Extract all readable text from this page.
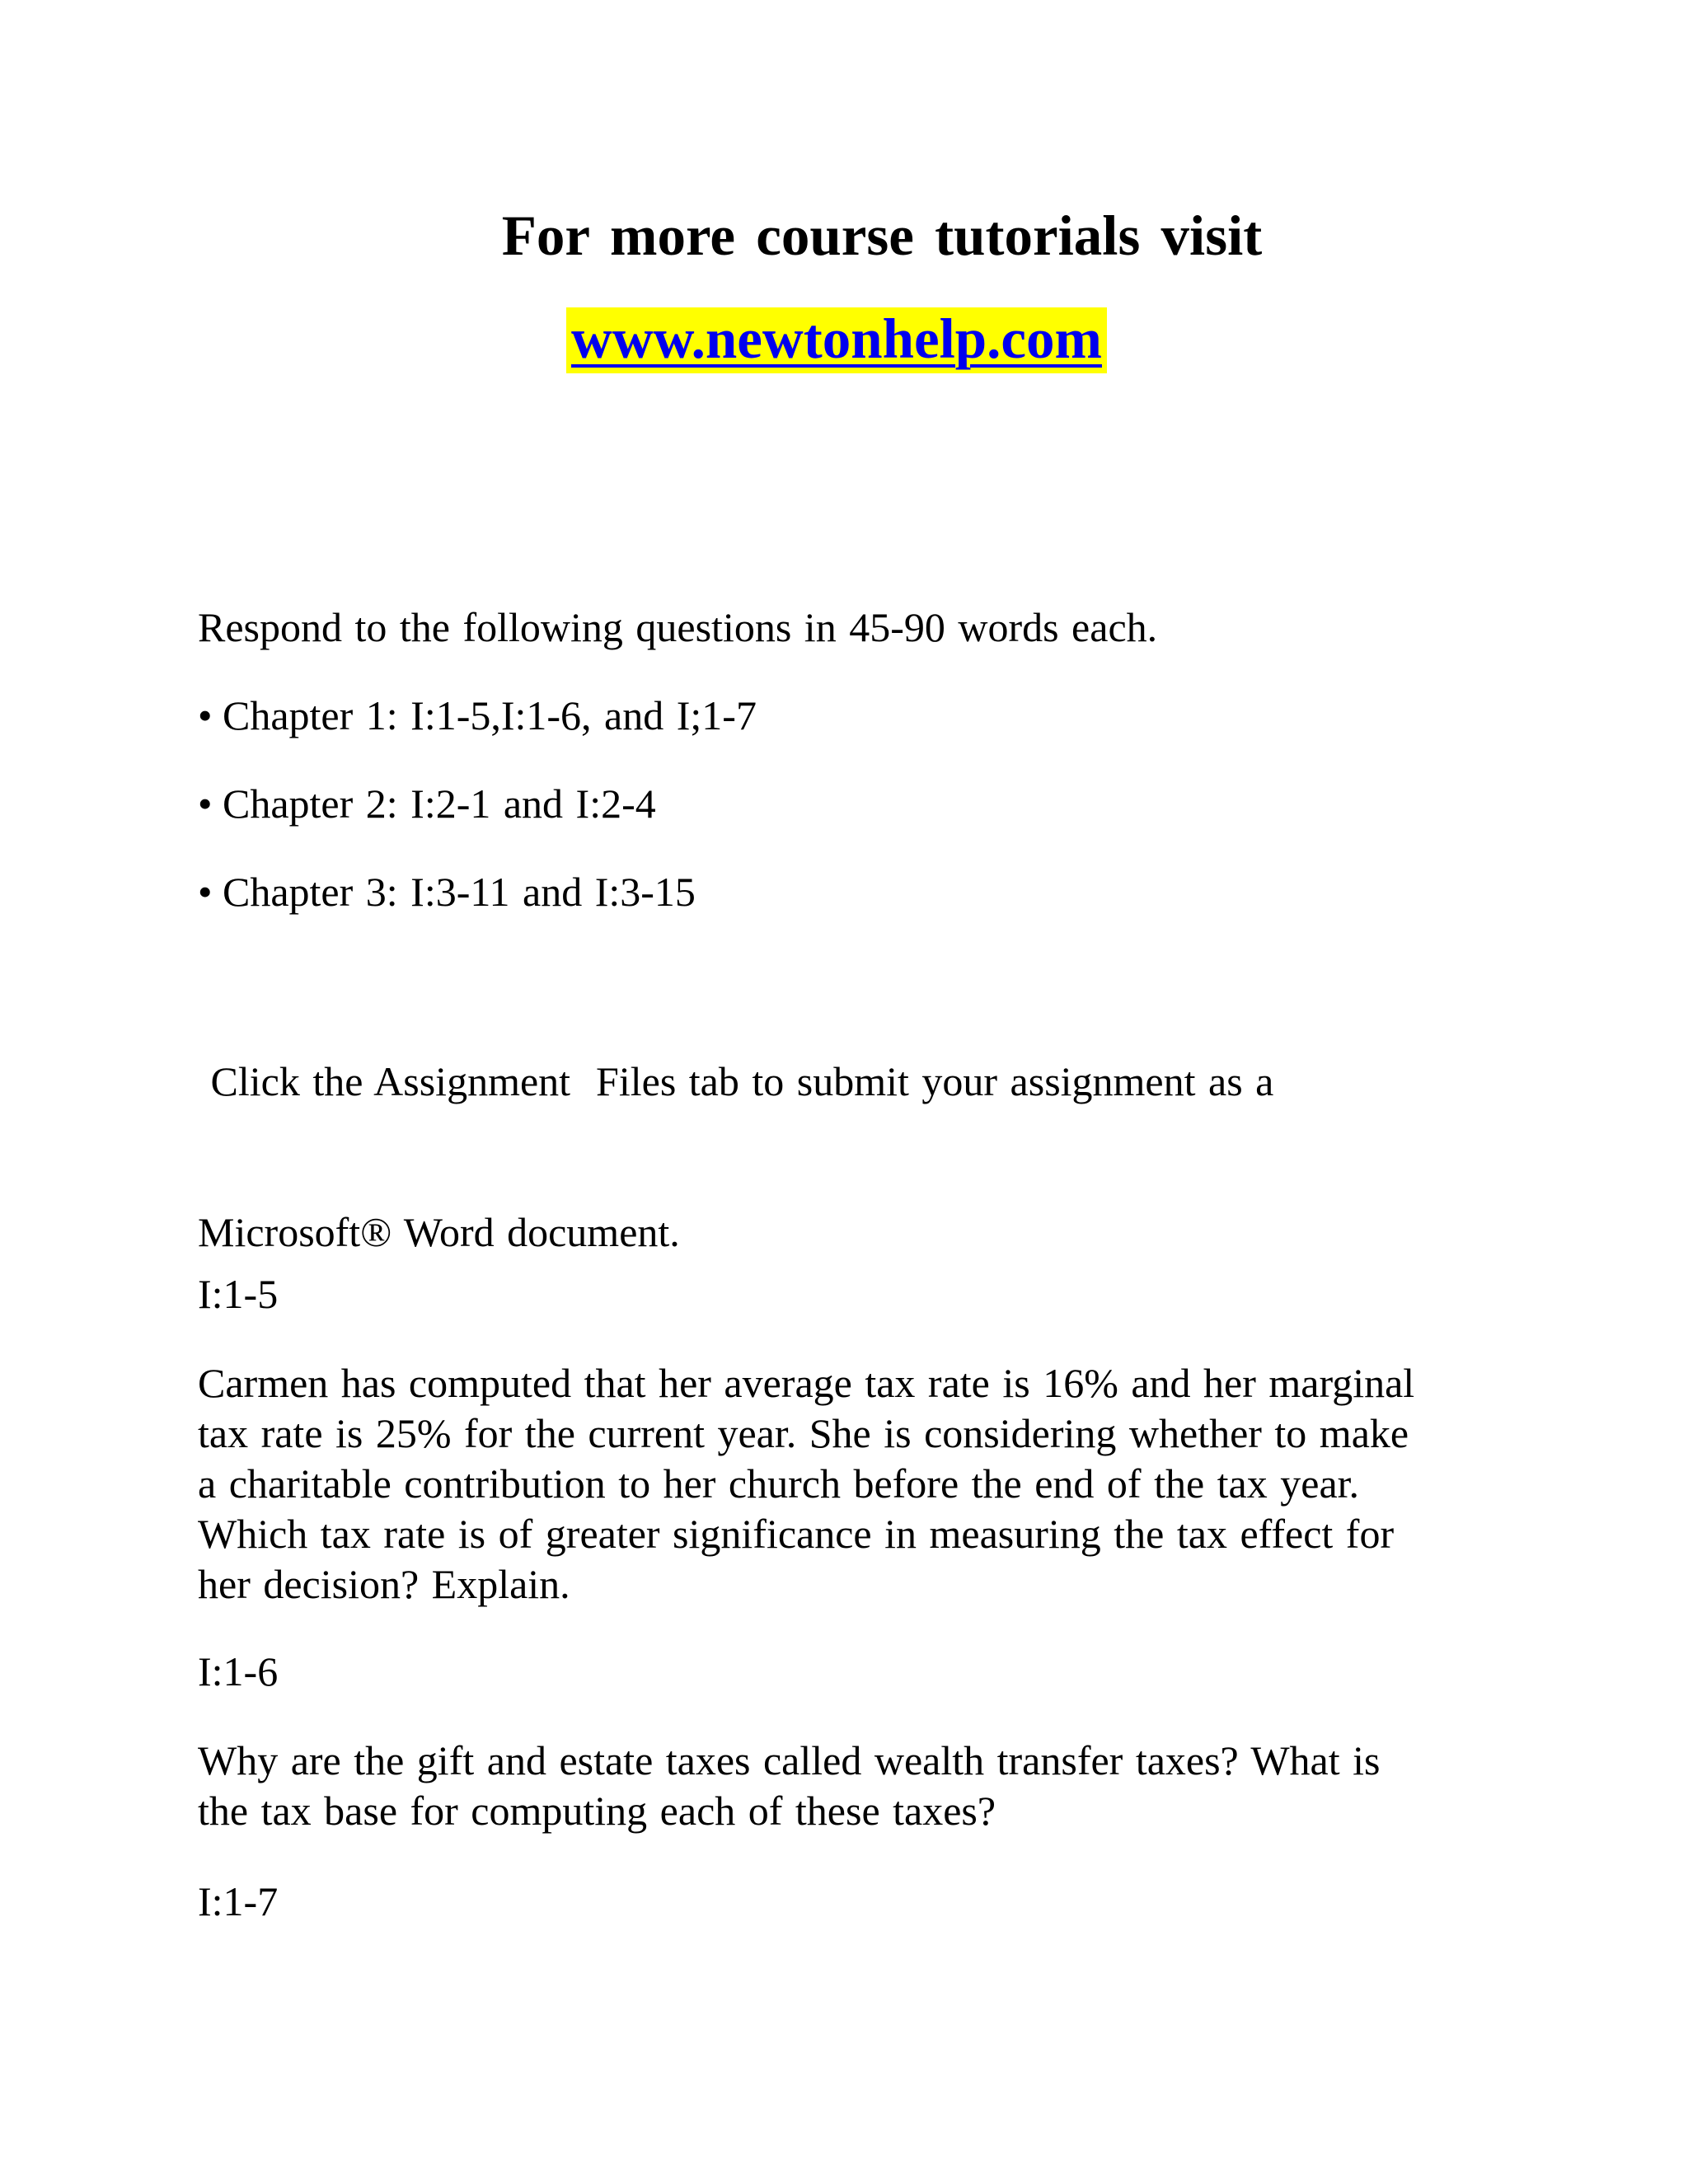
For more course tutorials visit
www.newtonhelp.com
Respond to the following questions in 45-90 words each.
• Chapter 1: I:1-5,I:1-6, and I;1-7
• Chapter 2: I:2-1 and I:2-4
• Chapter 3: I:3-11 and I:3-15

Click the Assignment  Files tab to submit your assignment as a

Microsoft® Word document.

I:1-5
Carmen has computed that her average tax rate is 16% and her marginal
tax rate is 25% for the current year. She is considering whether to make
a charitable contribution to her church before the end of the tax year.
Which tax rate is of greater significance in measuring the tax effect for
her decision? Explain.
I:1-6
Why are the gift and estate taxes called wealth transfer taxes? What is
the tax base for computing each of these taxes?
I:1-7
